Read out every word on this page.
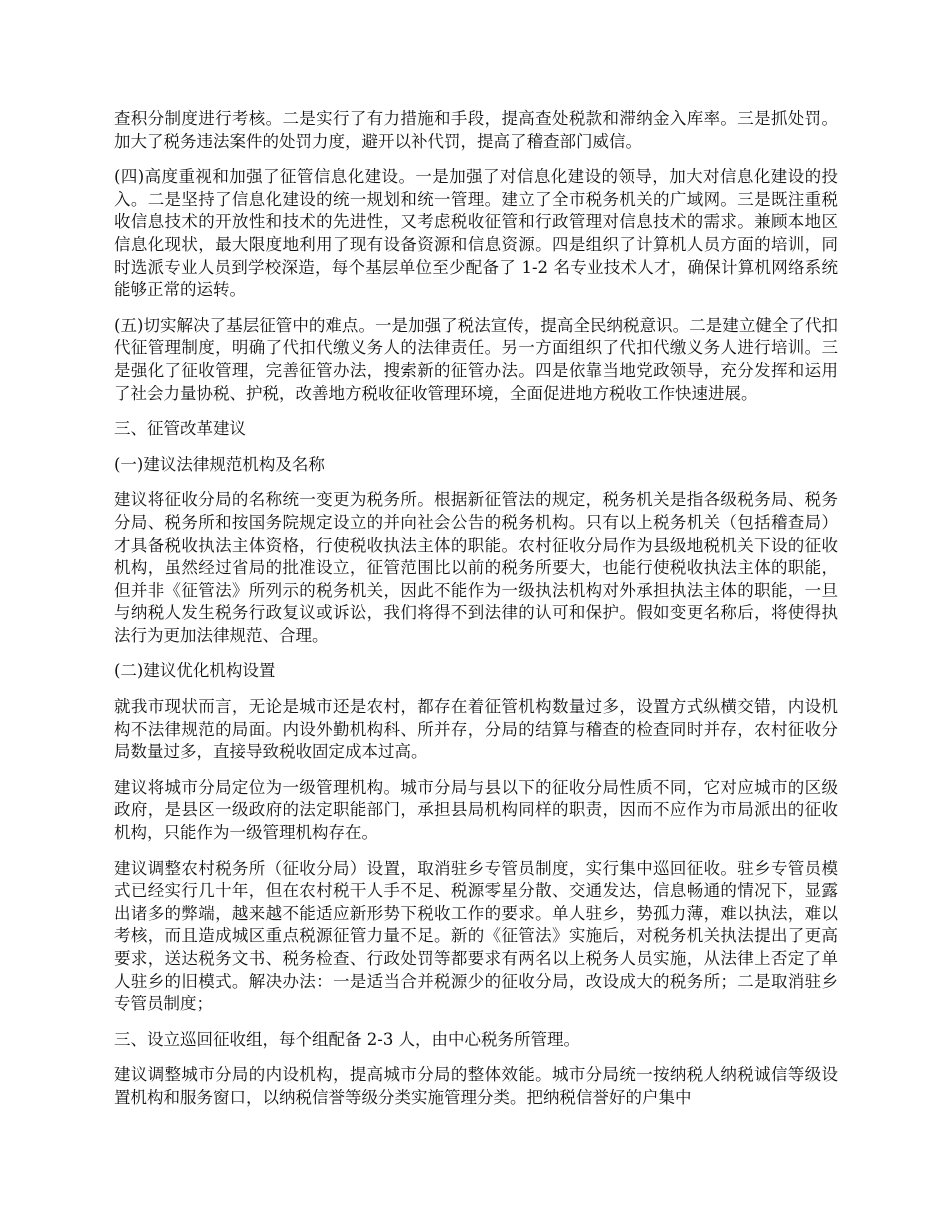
查积分制度进行考核。二是实行了有力措施和手段，提高查处税款和滞纳金入库率。三是抓处罚。加大了税务违法案件的处罚力度，避开以补代罚，提高了稽查部门威信。

(四)高度重视和加强了征管信息化建设。一是加强了对信息化建设的领导，加大对信息化建设的投入。二是坚持了信息化建设的统一规划和统一管理。建立了全市税务机关的广域网。三是既注重税收信息技术的开放性和技术的先进性，又考虑税收征管和行政管理对信息技术的需求。兼顾本地区信息化现状，最大限度地利用了现有设备资源和信息资源。四是组织了计算机人员方面的培训，同时选派专业人员到学校深造，每个基层单位至少配备了 1-2 名专业技术人才，确保计算机网络系统能够正常的运转。

(五)切实解决了基层征管中的难点。一是加强了税法宣传，提高全民纳税意识。二是建立健全了代扣代征管理制度，明确了代扣代缴义务人的法律责任。另一方面组织了代扣代缴义务人进行培训。三是强化了征收管理，完善征管办法，搜索新的征管办法。四是依靠当地党政领导，充分发挥和运用了社会力量协税、护税，改善地方税收征收管理环境，全面促进地方税收工作快速进展。

三、征管改革建议

(一)建议法律规范机构及名称

建议将征收分局的名称统一变更为税务所。根据新征管法的规定，税务机关是指各级税务局、税务分局、税务所和按国务院规定设立的并向社会公告的税务机构。只有以上税务机关（包括稽查局）才具备税收执法主体资格，行使税收执法主体的职能。农村征收分局作为县级地税机关下设的征收机构，虽然经过省局的批准设立，征管范围比以前的税务所要大，也能行使税收执法主体的职能，但并非《征管法》所列示的税务机关，因此不能作为一级执法机构对外承担执法主体的职能，一旦与纳税人发生税务行政复议或诉讼，我们将得不到法律的认可和保护。假如变更名称后，将使得执法行为更加法律规范、合理。

(二)建议优化机构设置

就我市现状而言，无论是城市还是农村，都存在着征管机构数量过多，设置方式纵横交错，内设机构不法律规范的局面。内设外勤机构科、所并存，分局的结算与稽查的检查同时并存，农村征收分局数量过多，直接导致税收固定成本过高。

建议将城市分局定位为一级管理机构。城市分局与县以下的征收分局性质不同，它对应城市的区级政府，是县区一级政府的法定职能部门，承担县局机构同样的职责，因而不应作为市局派出的征收机构，只能作为一级管理机构存在。

建议调整农村税务所（征收分局）设置，取消驻乡专管员制度，实行集中巡回征收。驻乡专管员模式已经实行几十年，但在农村税干人手不足、税源零星分散、交通发达，信息畅通的情况下，显露出诸多的弊端，越来越不能适应新形势下税收工作的要求。单人驻乡，势孤力薄，难以执法，难以考核，而且造成城区重点税源征管力量不足。新的《征管法》实施后，对税务机关执法提出了更高要求，送达税务文书、税务检查、行政处罚等都要求有两名以上税务人员实施，从法律上否定了单人驻乡的旧模式。解决办法：一是适当合并税源少的征收分局，改设成大的税务所；二是取消驻乡专管员制度；

三、设立巡回征收组，每个组配备 2-3 人，由中心税务所管理。

建议调整城市分局的内设机构，提高城市分局的整体效能。城市分局统一按纳税人纳税诚信等级设置机构和服务窗口，以纳税信誉等级分类实施管理分类。把纳税信誉好的户集中
